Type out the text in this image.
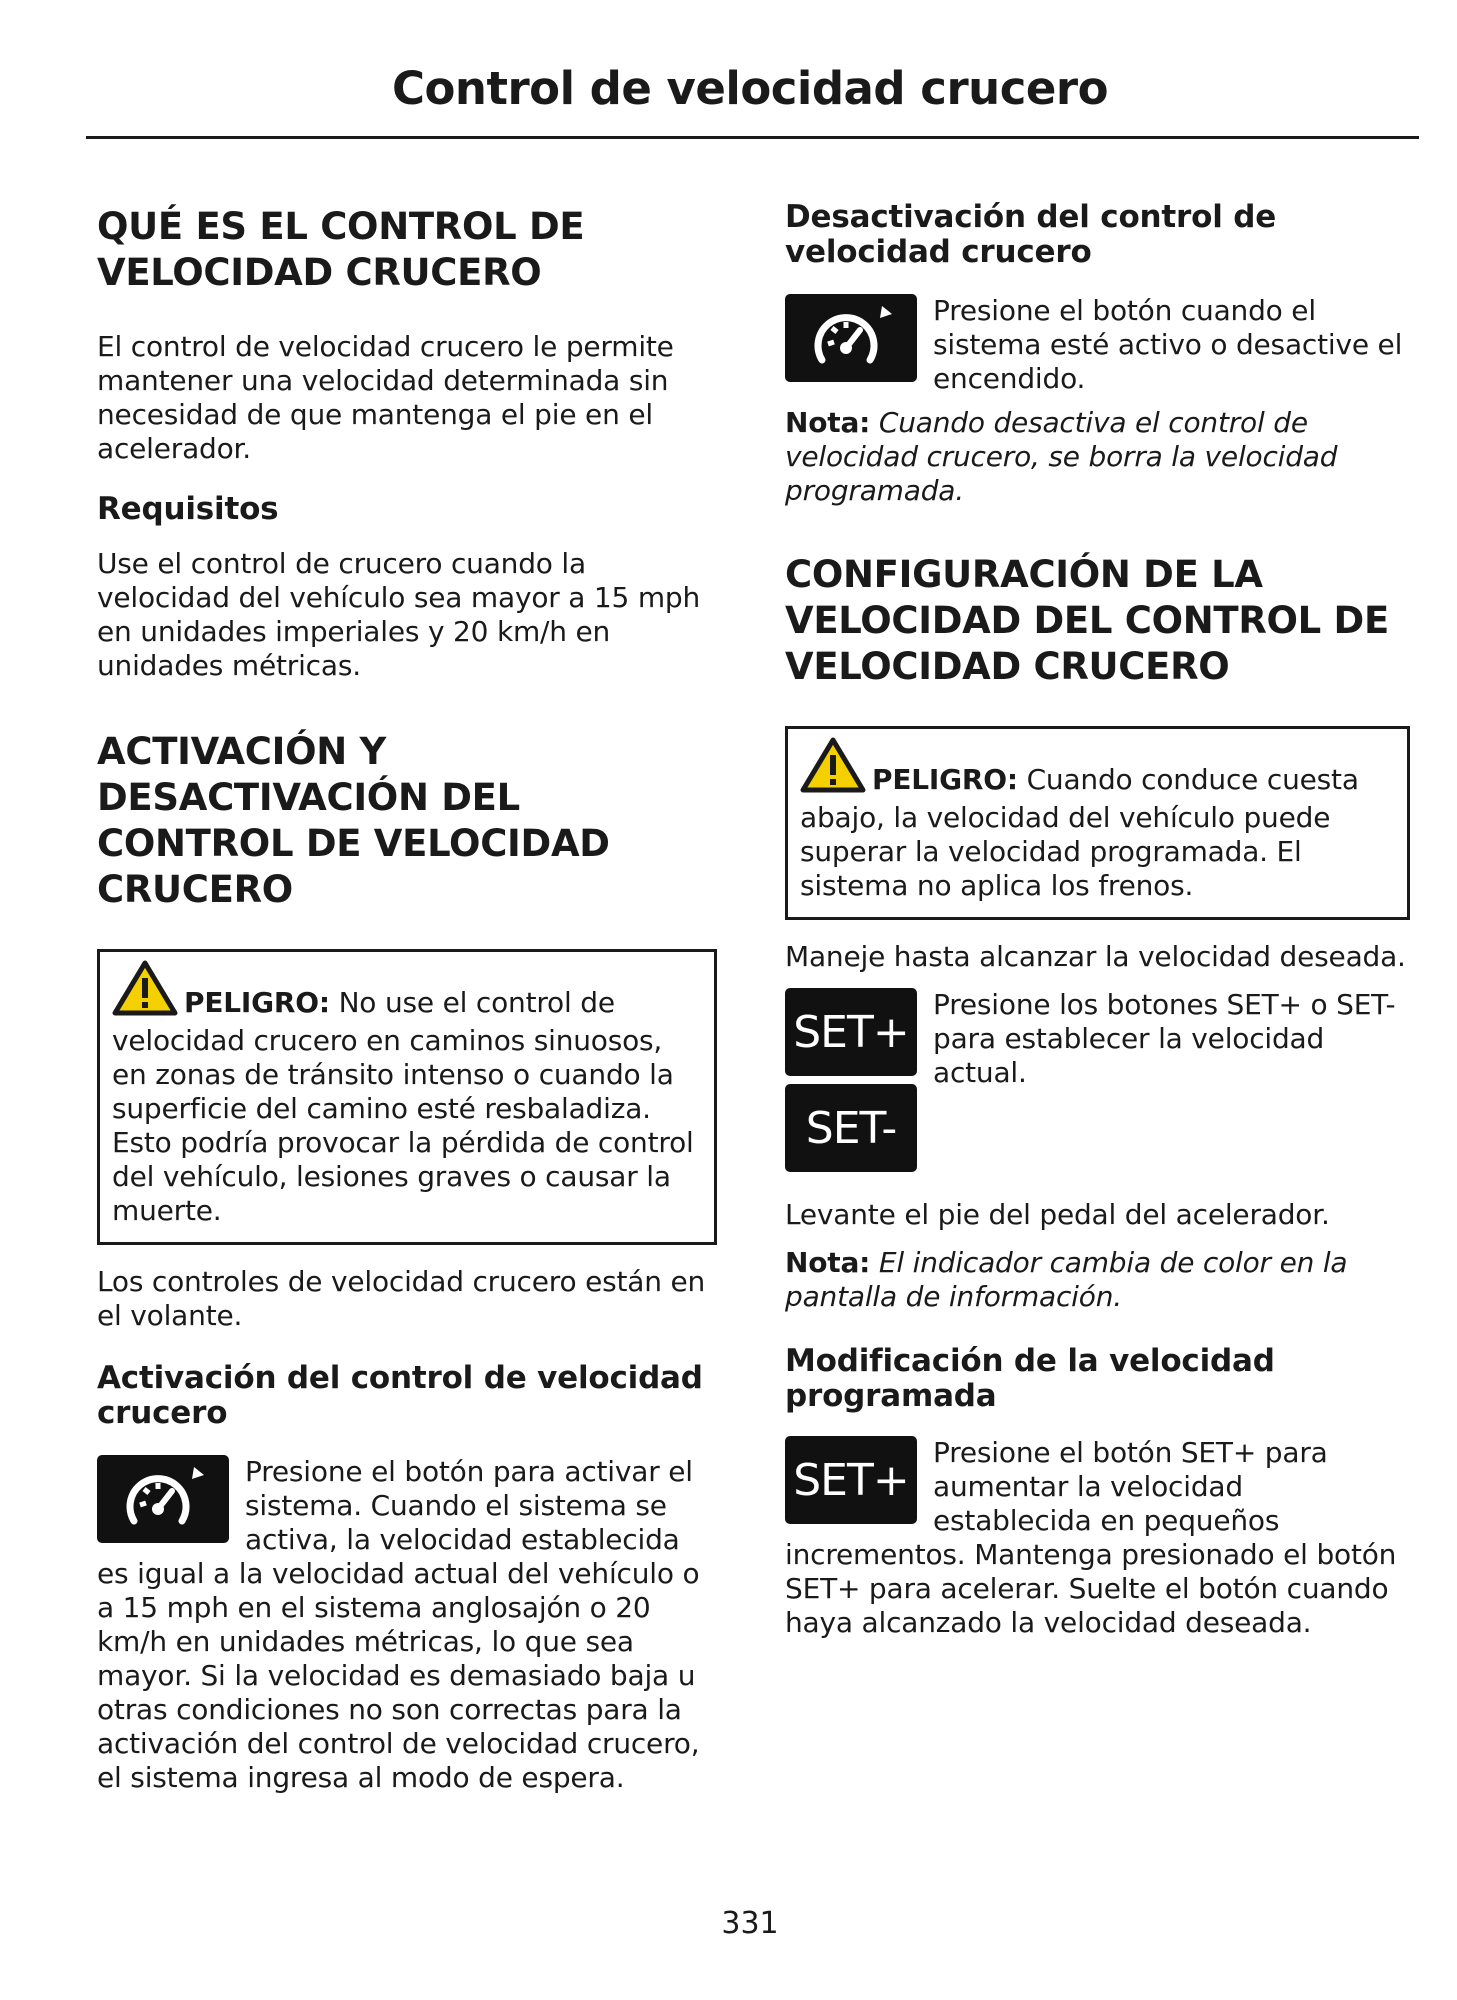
Control de velocidad crucero
QUÉ ES EL CONTROL DE VELOCIDAD CRUCERO

El control de velocidad crucero le permite mantener una velocidad determinada sin necesidad de que mantenga el pie en el acelerador.

Requisitos

Use el control de crucero cuando la velocidad del vehículo sea mayor a 15 mph en unidades imperiales y 20 km/h en unidades métricas.

ACTIVACIÓN Y DESACTIVACIÓN DEL CONTROL DE VELOCIDAD CRUCERO
PELIGRO: No use el control de velocidad crucero en caminos sinuosos, en zonas de tránsito intenso o cuando la superficie del camino esté resbaladiza. Esto podría provocar la pérdida de control del vehículo, lesiones graves o causar la muerte.

Los controles de velocidad crucero están en el volante.

Activación del control de velocidad crucero

Presione el botón para activar el sistema. Cuando el sistema se activa, la velocidad establecida es igual a la velocidad actual del vehículo o a 15 mph en el sistema anglosajón o 20 km/h en unidades métricas, lo que sea mayor. Si la velocidad es demasiado baja u otras condiciones no son correctas para la activación del control de velocidad crucero, el sistema ingresa al modo de espera.

Desactivación del control de velocidad crucero

Presione el botón cuando el sistema esté activo o desactive el encendido.

Nota: Cuando desactiva el control de velocidad crucero, se borra la velocidad programada.

CONFIGURACIÓN DE LA VELOCIDAD DEL CONTROL DE VELOCIDAD CRUCERO
PELIGRO: Cuando conduce cuesta abajo, la velocidad del vehículo puede superar la velocidad programada. El sistema no aplica los frenos.

Maneje hasta alcanzar la velocidad deseada.

SET+
SET-

Presione los botones SET+ o SET- para establecer la velocidad actual.

Levante el pie del pedal del acelerador.

Nota: El indicador cambia de color en la pantalla de información.

Modificación de la velocidad programada
SET+

Presione el botón SET+ para aumentar la velocidad establecida en pequeños incrementos. Mantenga presionado el botón SET+ para acelerar. Suelte el botón cuando haya alcanzado la velocidad deseada.

331
